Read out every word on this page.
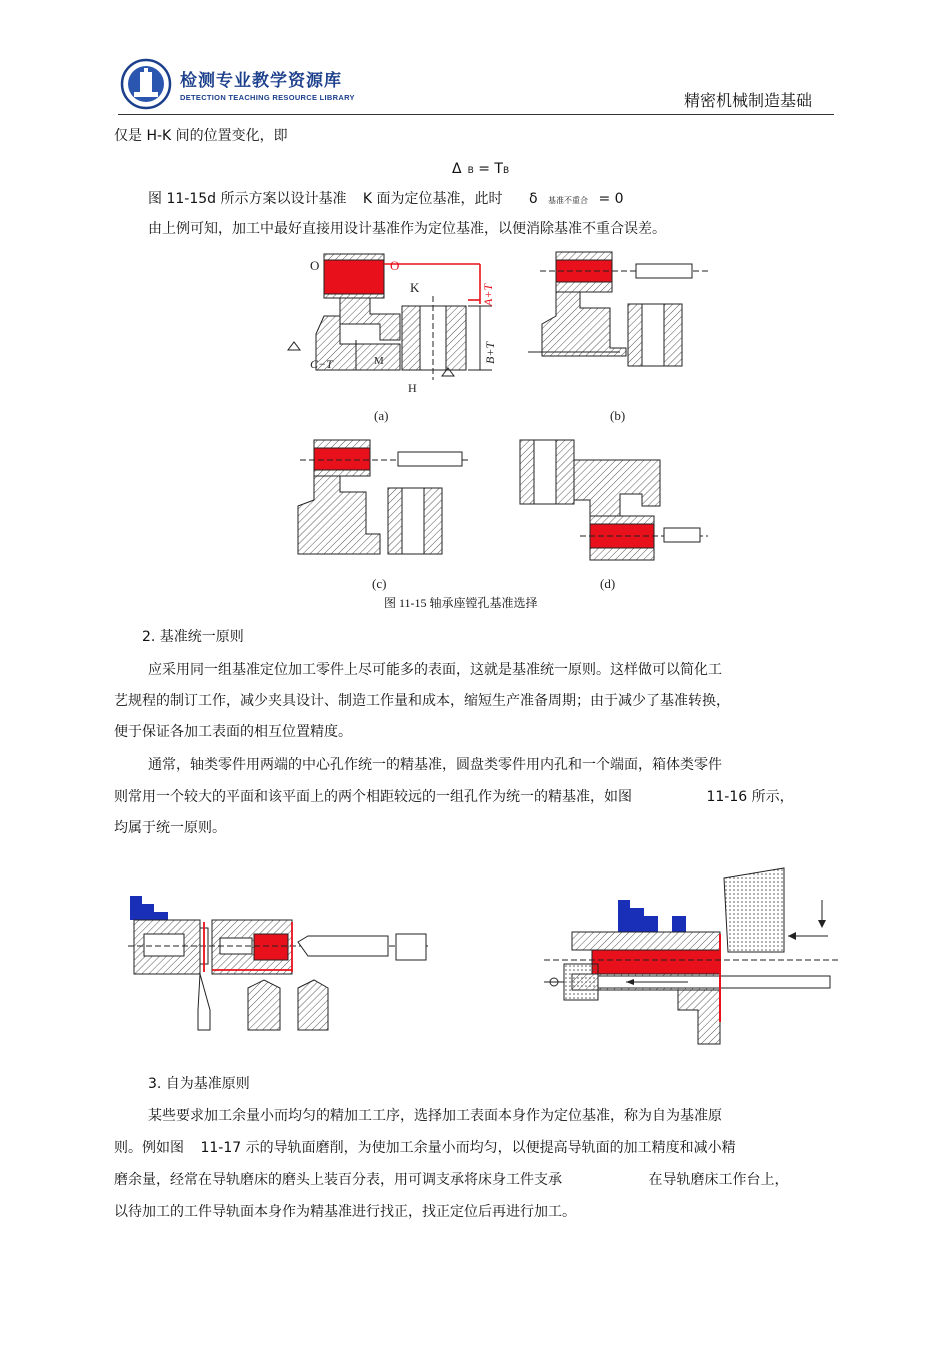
检测专业教学资源库
DETECTION TEACHING RESOURCE LIBRARY	精密机械制造基础
仅是 H-K 间的位置变化，即
Δ B = TB
图 11-15d 所示方案以设计基准 K 面为定位基准，此时 δ 基准不重合 = 0
由上例可知，加工中最好直接用设计基准作为定位基准，以便消除基准不重合误差。
O	O
K	A+T
B+T
C−T	M
H
(a)	(b)
(c)	(d)
图 11-15 轴承座镗孔基准选择
2. 基准统一原则
应采用同一组基准定位加工零件上尽可能多的表面，这就是基准统一原则。这样做可以简化工
艺规程的制订工作，减少夹具设计、制造工作量和成本，缩短生产准备周期；由于减少了基准转换，
便于保证各加工表面的相互位置精度。
通常，轴类零件用两端的中心孔作统一的精基准，圆盘类零件用内孔和一个端面，箱体类零件
则常用一个较大的平面和该平面上的两个相距较远的一组孔作为统一的精基准，如图	11-16 所示，
均属于统一原则。
3. 自为基准原则
某些要求加工余量小而均匀的精加工工序，选择加工表面本身作为定位基准，称为自为基准原
则。例如图 11-17 示的导轨面磨削，为使加工余量小而均匀，以便提高导轨面的加工精度和减小精
磨余量，经常在导轨磨床的磨头上装百分表，用可调支承将床身工件支承	在导轨磨床工作台上，
以待加工的工件导轨面本身作为精基准进行找正，找正定位后再进行加工。
